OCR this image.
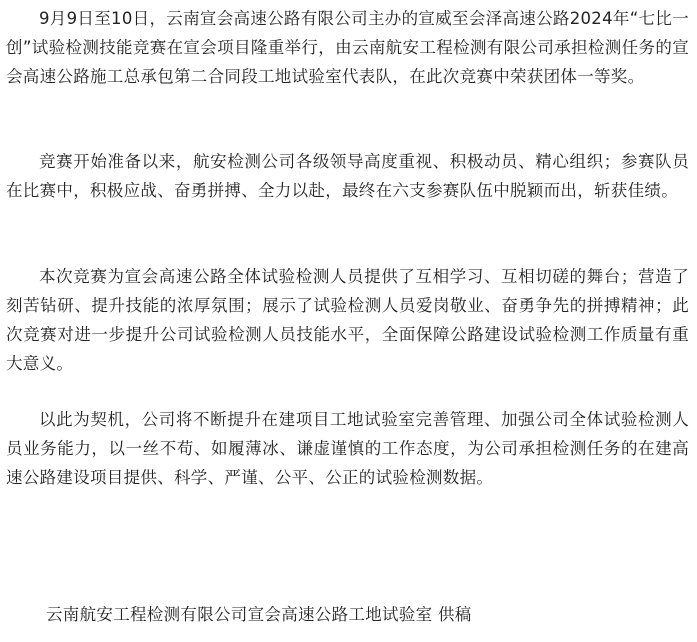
9月9日至10日，云南宣会高速公路有限公司主办的宣威至会泽高速公路2024年“七比一创”试验检测技能竞赛在宣会项目隆重举行，由云南航安工程检测有限公司承担检测任务的宣会高速公路施工总承包第二合同段工地试验室代表队，在此次竞赛中荣获团体一等奖。

竞赛开始准备以来，航安检测公司各级领导高度重视、积极动员、精心组织；参赛队员在比赛中，积极应战、奋勇拼搏、全力以赴，最终在六支参赛队伍中脱颖而出，斩获佳绩。

本次竞赛为宣会高速公路全体试验检测人员提供了互相学习、互相切磋的舞台；营造了刻苦钻研、提升技能的浓厚氛围；展示了试验检测人员爱岗敬业、奋勇争先的拼搏精神；此次竞赛对进一步提升公司试验检测人员技能水平，全面保障公路建设试验检测工作质量有重大意义。

以此为契机，公司将不断提升在建项目工地试验室完善管理、加强公司全体试验检测人员业务能力，以一丝不苟、如履薄冰、谦虚谨慎的工作态度，为公司承担检测任务的在建高速公路建设项目提供、科学、严谨、公平、公正的试验检测数据。

云南航安工程检测有限公司宣会高速公路工地试验室 供稿
